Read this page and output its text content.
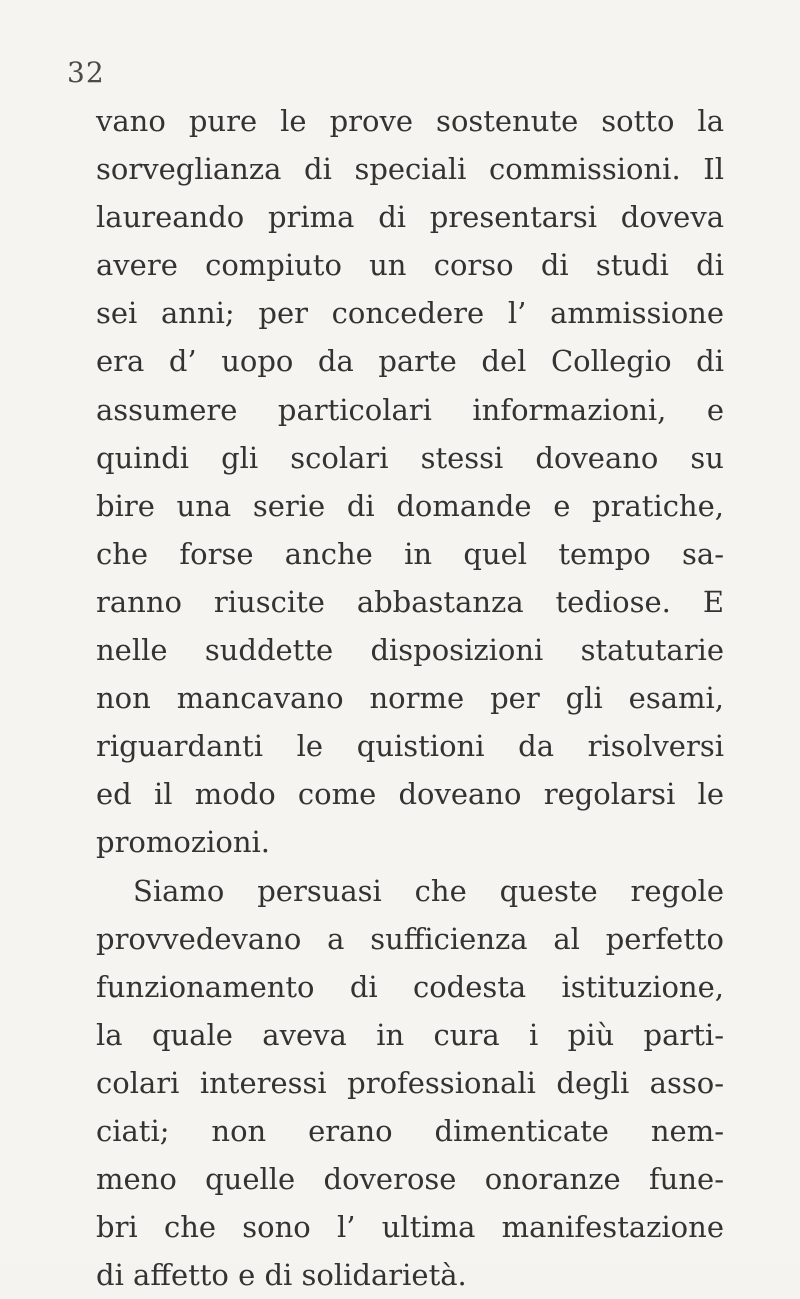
32
vano pure le prove sostenute sotto la
sorveglianza di speciali commissioni. Il
laureando prima di presentarsi doveva
avere compiuto un corso di studi di
sei anni; per concedere l’ ammissione
era d’ uopo da parte del Collegio di
assumere particolari informazioni, e
quindi gli scolari stessi doveano su
bire una serie di domande e pratiche,
che forse anche in quel tempo sa-
ranno riuscite abbastanza tediose. E
nelle suddette disposizioni statutarie
non mancavano norme per gli esami,
riguardanti le quistioni da risolversi
ed il modo come doveano regolarsi le
promozioni.
Siamo persuasi che queste regole
provvedevano a sufficienza al perfetto
funzionamento di codesta istituzione,
la quale aveva in cura i più parti-
colari interessi professionali degli asso-
ciati; non erano dimenticate nem-
meno quelle doverose onoranze fune-
bri che sono l’ ultima manifestazione
di affetto e di solidarietà.
